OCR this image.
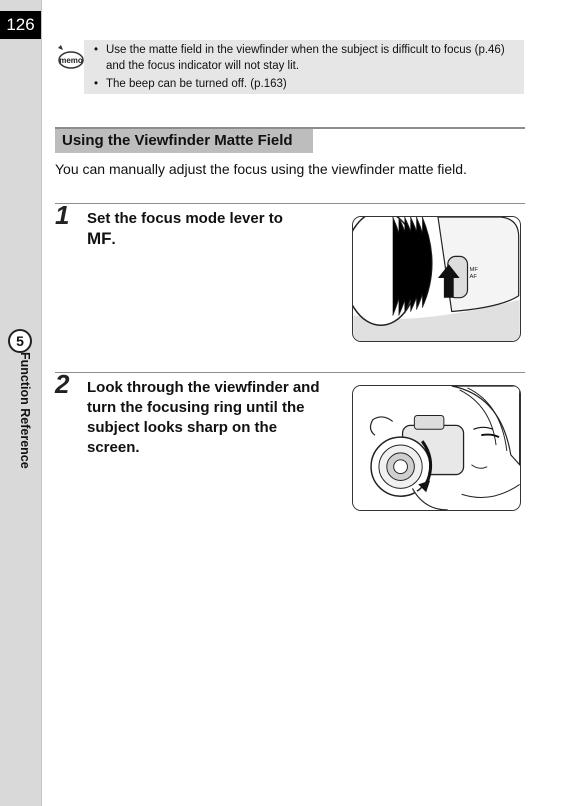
126
5
Function Reference
memo
• Use the matte field in the viewfinder when the subject is difficult to focus (p.46) and the focus indicator will not stay lit.
• The beep can be turned off. (p.163)
Using the Viewfinder Matte Field
You can manually adjust the focus using the viewfinder matte field.
1 Set the focus mode lever to
MF.
MF
AF
2 Look through the viewfinder and turn the focusing ring until the subject looks sharp on the screen.
